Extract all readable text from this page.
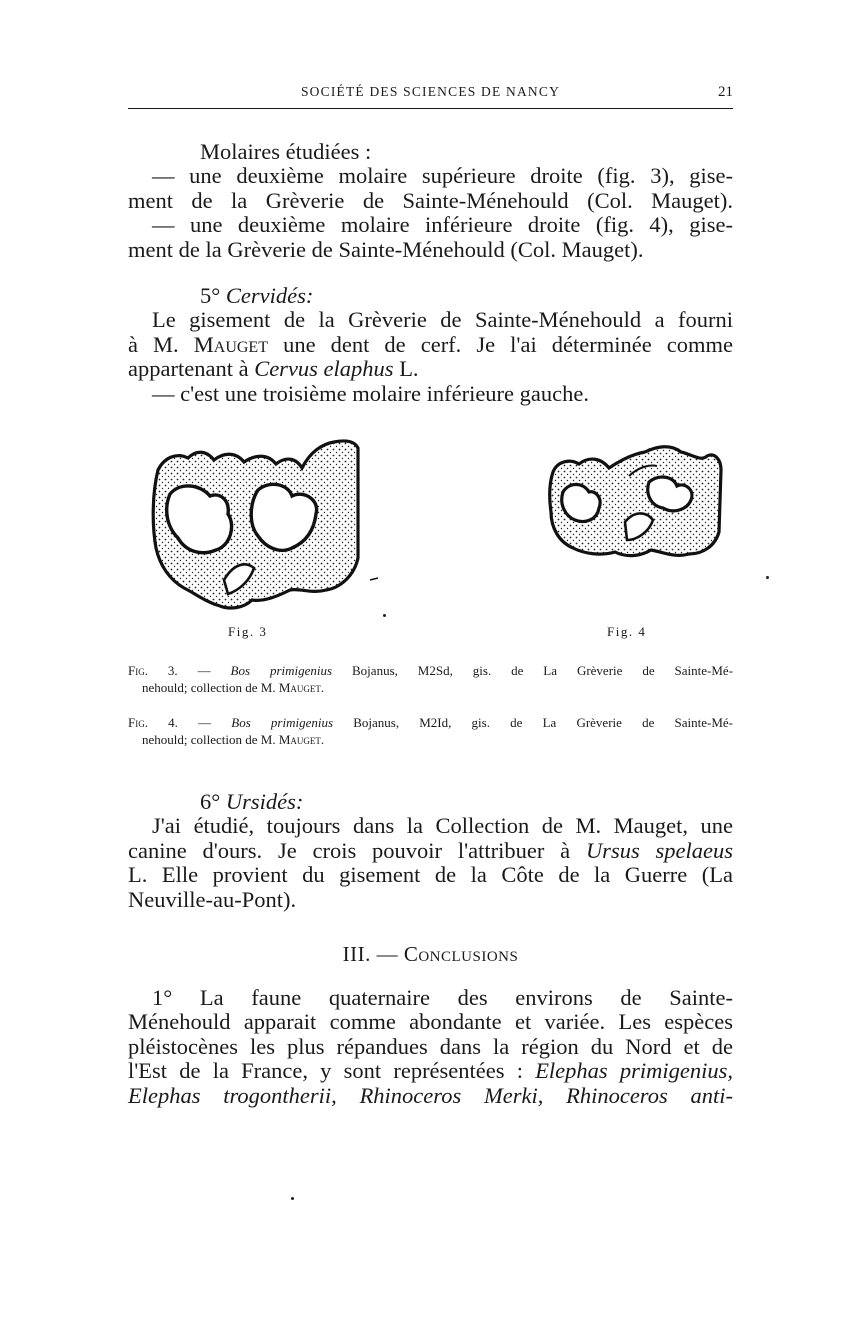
SOCIÉTÉ DES SCIENCES DE NANCY	21
Molaires étudiées :
— une deuxième molaire supérieure droite (fig. 3), gise-
ment de la Grèverie de Sainte-Ménehould (Col. Mauget).
— une deuxième molaire inférieure droite (fig. 4), gise-
ment de la Grèverie de Sainte-Ménehould (Col. Mauget).
5° Cervidés:
Le gisement de la Grèverie de Sainte-Ménehould a fourni
à M. Mauget une dent de cerf. Je l'ai déterminée comme
appartenant à Cervus elaphus L.
— c'est une troisième molaire inférieure gauche.
Fig. 3	Fig. 4
Fig. 3. — Bos primigenius Bojanus, M2Sd, gis. de La Grèverie de Sainte-Mé-
nehould; collection de M. Mauget.
Fig. 4. — Bos primigenius Bojanus, M2Id, gis. de La Grèverie de Sainte-Mé-
nehould; collection de M. Mauget.
6° Ursidés:
J'ai étudié, toujours dans la Collection de M. Mauget, une
canine d'ours. Je crois pouvoir l'attribuer à Ursus spelaeus
L. Elle provient du gisement de la Côte de la Guerre (La
Neuville-au-Pont).
III. — Conclusions
1° La faune quaternaire des environs de Sainte-
Ménehould apparait comme abondante et variée. Les espèces
pléistocènes les plus répandues dans la région du Nord et de
l'Est de la France, y sont représentées : Elephas primigenius,
Elephas trogontherii, Rhinoceros Merki, Rhinoceros anti-
